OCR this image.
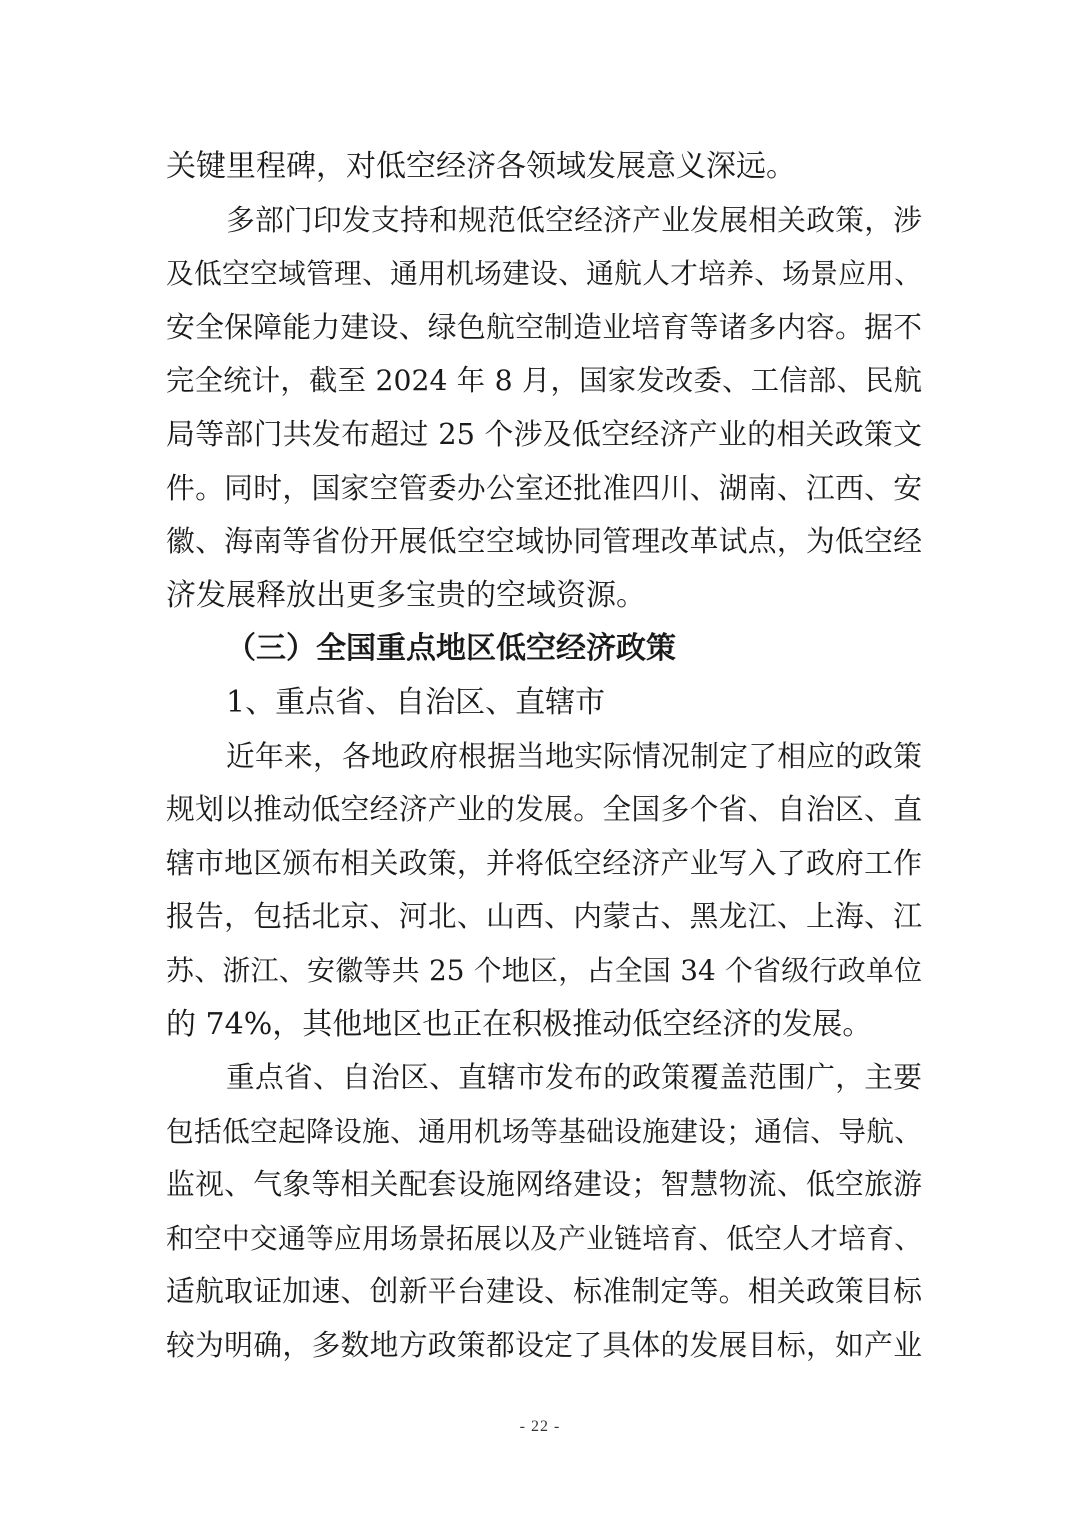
关键里程碑，对低空经济各领域发展意义深远。
多部门印发支持和规范低空经济产业发展相关政策，涉
及低空空域管理、通用机场建设、通航人才培养、场景应用、
安全保障能力建设、绿色航空制造业培育等诸多内容。据不
完全统计，截至 2024 年 8 月，国家发改委、工信部、民航
局等部门共发布超过 25 个涉及低空经济产业的相关政策文
件。同时，国家空管委办公室还批准四川、湖南、江西、安
徽、海南等省份开展低空空域协同管理改革试点，为低空经
济发展释放出更多宝贵的空域资源。
（三）全国重点地区低空经济政策
1、重点省、自治区、直辖市
近年来，各地政府根据当地实际情况制定了相应的政策
规划以推动低空经济产业的发展。全国多个省、自治区、直
辖市地区颁布相关政策，并将低空经济产业写入了政府工作
报告，包括北京、河北、山西、内蒙古、黑龙江、上海、江
苏、浙江、安徽等共 25 个地区，占全国 34 个省级行政单位
的 74%，其他地区也正在积极推动低空经济的发展。
重点省、自治区、直辖市发布的政策覆盖范围广，主要
包括低空起降设施、通用机场等基础设施建设；通信、导航、
监视、气象等相关配套设施网络建设；智慧物流、低空旅游
和空中交通等应用场景拓展以及产业链培育、低空人才培育、
适航取证加速、创新平台建设、标准制定等。相关政策目标
较为明确，多数地方政策都设定了具体的发展目标，如产业
- 22 -
